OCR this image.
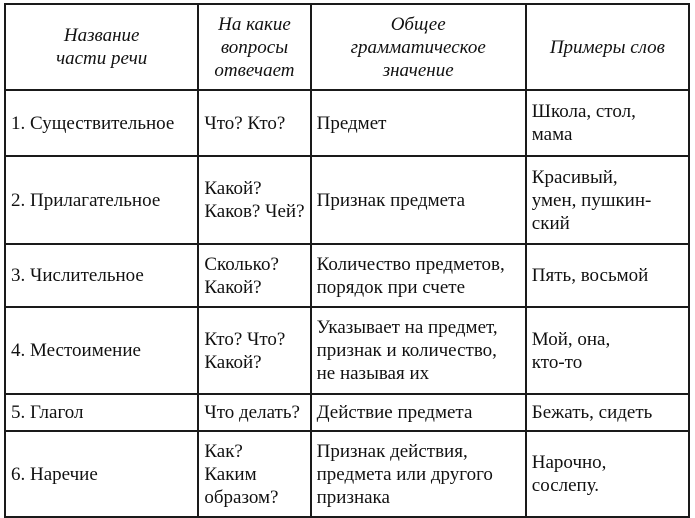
Название
части речи	На какие
вопросы
отвечает	Общее
грамматическое
значение	Примеры слов

1. Существительное	Что? Кто?	Предмет	Школа, стол,
мама

2. Прилагательное	Какой?
Каков? Чей?	Признак предмета	Красивый,
умен, пушкин-
ский

3. Числительное	Сколько?
Какой?	Количество предметов,
порядок при счете	Пять, восьмой

4. Местоимение	Кто? Что?
Какой?	Указывает на предмет,
признак и количество,
не называя их	Мой, она,
кто-то

5. Глагол	Что делать?	Действие предмета	Бежать, сидеть

6. Наречие	Как?
Каким
образом?	Признак действия,
предмета или другого
признака	Нарочно,
сослепу.
